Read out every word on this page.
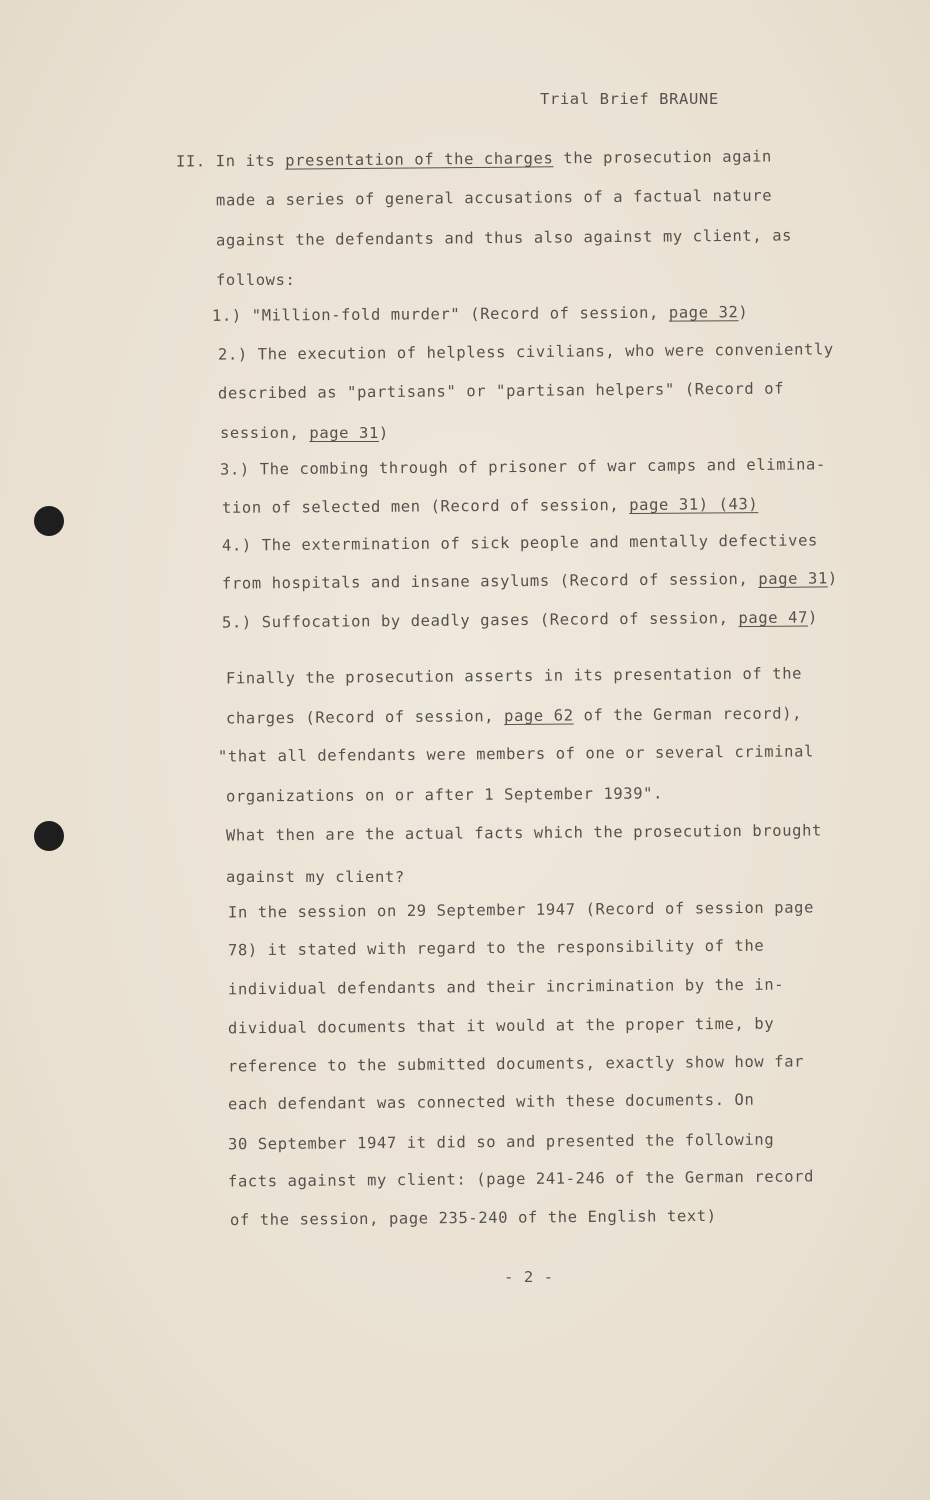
Trial Brief BRAUNE
II. In its presentation of the charges the prosecution again
made a series of general accusations of a factual nature
against the defendants and thus also against my client, as
follows:
1.) "Million-fold murder" (Record of session, page 32)
2.) The execution of helpless civilians, who were conveniently
described as "partisans" or "partisan helpers" (Record of
session, page 31)
3.) The combing through of prisoner of war camps and elimina-
tion of selected men (Record of session, page 31) (43)
4.) The extermination of sick people and mentally defectives
from hospitals and insane asylums (Record of session, page 31)
5.) Suffocation by deadly gases (Record of session, page 47)
Finally the prosecution asserts in its presentation of the
charges (Record of session, page 62 of the German record),
"that all defendants were members of one or several criminal
organizations on or after 1 September 1939".
What then are the actual facts which the prosecution brought
against my client?
In the session on 29 September 1947 (Record of session page
78) it stated with regard to the responsibility of the
individual defendants and their incrimination by the in-
dividual documents that it would at the proper time, by
reference to the submitted documents, exactly show how far
each defendant was connected with these documents. On
30 September 1947 it did so and presented the following
facts against my client: (page 241-246 of the German record
of the session, page 235-240 of the English text)
- 2 -
